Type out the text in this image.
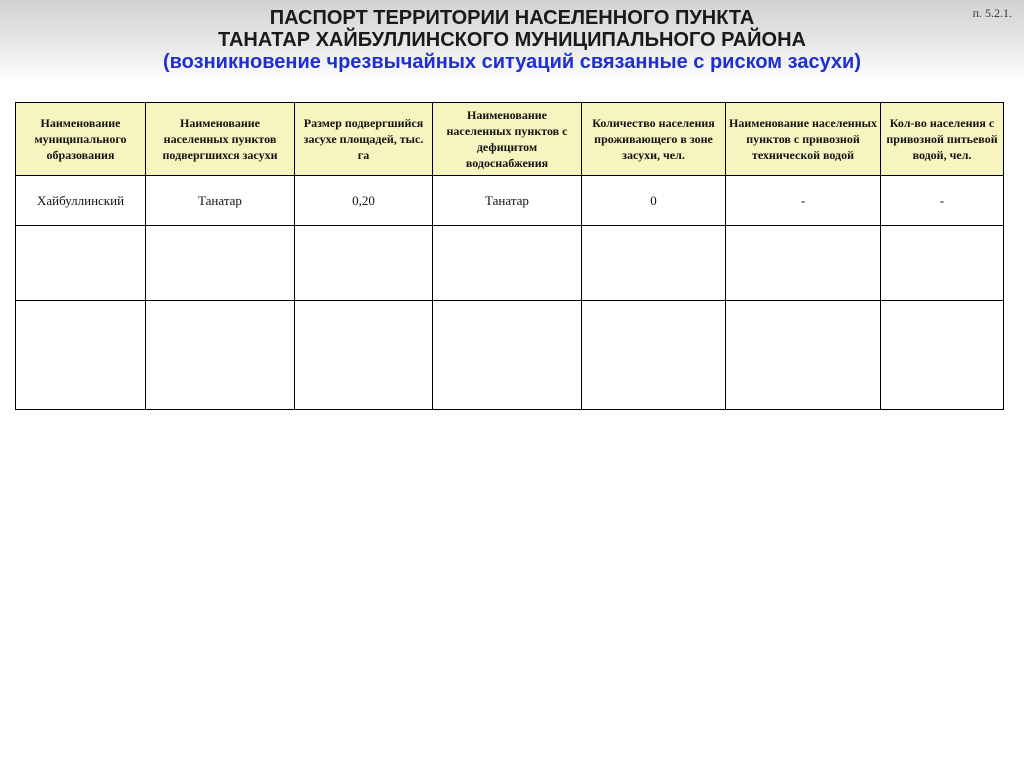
ПАСПОРТ ТЕРРИТОРИИ НАСЕЛЕННОГО ПУНКТА
ТАНАТАР ХАЙБУЛЛИНСКОГО МУНИЦИПАЛЬНОГО РАЙОНА
(возникновение чрезвычайных ситуаций связанные с риском засухи)
п. 5.2.1.
Наименование муниципального образования	Наименование населенных пунктов подвергшихся засухи	Размер подвергшийся засухе площадей, тыс. га	Наименование населенных пунктов с дефицитом водоснабжения	Количество населения проживающего в зоне засухи, чел.	Наименование населенных пунктов с привозной технической водой	Кол-во населения с привозной питьевой водой, чел.
Хайбуллинский	Танатар	0,20	Танатар	0	-	-
